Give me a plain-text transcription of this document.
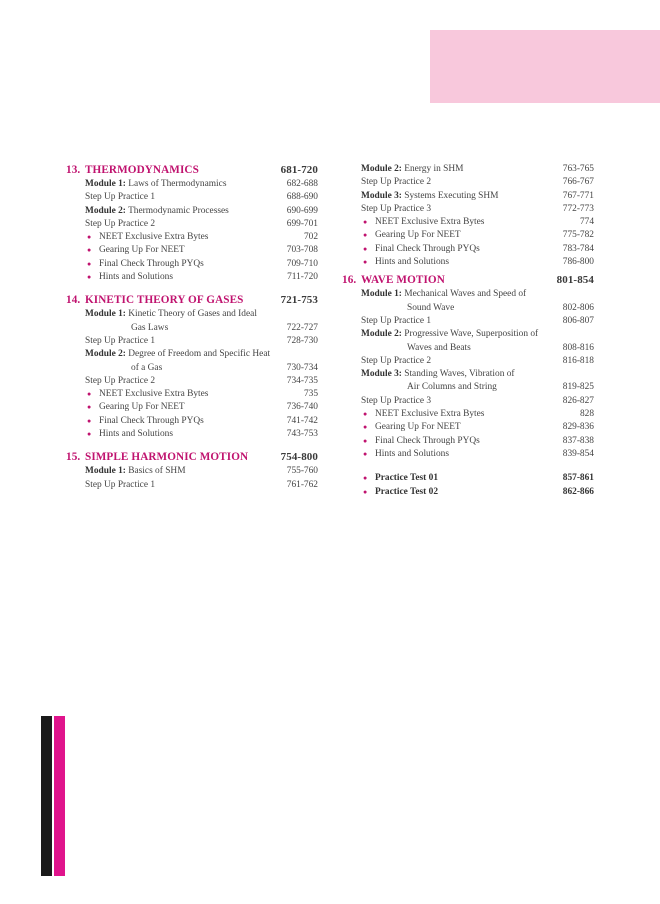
13. THERMODYNAMICS	681-720
Module 1: Laws of Thermodynamics	682-688
Step Up Practice 1	688-690
Module 2: Thermodynamic Processes	690-699
Step Up Practice 2	699-701
● NEET Exclusive Extra Bytes	702
● Gearing Up For NEET	703-708
● Final Check Through PYQs	709-710
● Hints and Solutions	711-720
14. KINETIC THEORY OF GASES	721-753
Module 1: Kinetic Theory of Gases and Ideal
Gas Laws	722-727
Step Up Practice 1	728-730
Module 2: Degree of Freedom and Specific Heat
of a Gas	730-734
Step Up Practice 2	734-735
● NEET Exclusive Extra Bytes	735
● Gearing Up For NEET	736-740
● Final Check Through PYQs	741-742
● Hints and Solutions	743-753
15. SIMPLE HARMONIC MOTION	754-800
Module 1: Basics of SHM	755-760
Step Up Practice 1	761-762
Module 2: Energy in SHM	763-765
Step Up Practice 2	766-767
Module 3: Systems Executing SHM	767-771
Step Up Practice 3	772-773
● NEET Exclusive Extra Bytes	774
● Gearing Up For NEET	775-782
● Final Check Through PYQs	783-784
● Hints and Solutions	786-800
16. WAVE MOTION	801-854
Module 1: Mechanical Waves and Speed of
Sound Wave	802-806
Step Up Practice 1	806-807
Module 2: Progressive Wave, Superposition of
Waves and Beats	808-816
Step Up Practice 2	816-818
Module 3: Standing Waves, Vibration of
Air Columns and String	819-825
Step Up Practice 3	826-827
● NEET Exclusive Extra Bytes	828
● Gearing Up For NEET	829-836
● Final Check Through PYQs	837-838
● Hints and Solutions	839-854
● Practice Test 01	857-861
● Practice Test 02	862-866
